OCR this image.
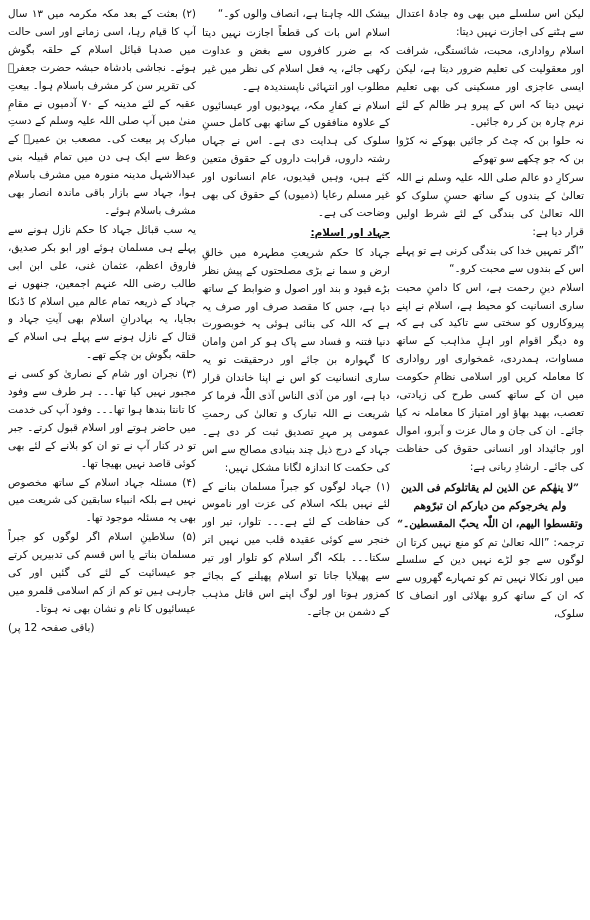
لیکن اس سلسلے میں بھی وہ جادۂ اعتدال سے ہٹنے کی اجازت نہیں دیتا:

اسلام رواداری، محبت، شائستگی، شرافت اور معقولیت کی تعلیم ضرور دیتا ہے، لیکن ایسی عاجزی اور مسکینی کی بھی تعلیم نہیں دیتا کہ اس کے پیرو ہر ظالم کے لئے نرم چارہ بن کر رہ جائیں۔

نہ حلوا بن کہ چٹ کر جائیں بھوکے نہ کڑوا بن کہ جو چکھے سو تھوکے

سرکارِ دو عالم صلی اللہ علیہ وسلم نے اللہ تعالیٰ کے بندوں کے ساتھ حسنِ سلوک کو اللہ تعالیٰ کی بندگی کے لئے شرط اولیں قرار دیا ہے:

”اگر تمہیں خدا کی بندگی کرنی ہے تو پہلے اس کے بندوں سے محبت کرو۔“

اسلام دینِ رحمت ہے، اس کا دامنِ محبت ساری انسانیت کو محیط ہے، اسلام نے اپنے پیروکاروں کو سختی سے تاکید کی ہے کہ وہ دیگر اقوام اور اہلِ مذاہب کے ساتھ مساوات، ہمدردی، غمخواری اور رواداری کا معاملہ کریں اور اسلامی نظامِ حکومت میں ان کے ساتھ کسی طرح کی زیادتی، تعصب، بھید بھاؤ اور امتیاز کا معاملہ نہ کیا جائے۔ ان کی جان و مال عزت و آبرو، اموال اور جائیداد اور انسانی حقوق کی حفاظت کی جائے۔ ارشادِ ربانی ہے:

”لا ینھٰکم عن الذین لم یقاتلوکم فی الدین ولم یخرجوکم من دیارکم ان تبرّوھم وتقسطوا الیھم، ان اللّٰہ یحبّ المقسطین۔“

ترجمہ: ”اللہ تعالیٰ تم کو منع نہیں کرتا ان لوگوں سے جو لڑے نہیں دین کے سلسلے میں اور نکالا نہیں تم کو تمہارے گھروں سے کہ ان کے ساتھ کرو بھلائی اور انصاف کا سلوک،

بیشک اللہ چاہتا ہے، انصاف والوں کو۔“

اسلام اس بات کی قطعاً اجازت نہیں دیتا کہ بے ضرر کافروں سے بغض و عداوت رکھی جائے، یہ فعل اسلام کی نظر میں غیر مطلوب اور انتہائی ناپسندیدہ ہے۔

اسلام نے کفارِ مکہ، یہودیوں اور عیسائیوں کے علاوہ منافقوں کے ساتھ بھی کامل حسنِ سلوک کی ہدایت دی ہے۔ اس نے جہاں رشتہ داروں، قرابت داروں کے حقوق متعین کئے ہیں، وہیں قیدیوں، عام انسانوں اور غیر مسلم رعایا (ذمیوں) کے حقوق کی بھی وضاحت کی ہے۔

جہاد اور اسلام:

جہاد کا حکم شریعتِ مطہرہ میں خالقِ ارض و سما نے بڑی مصلحتوں کے پیش نظر بڑے قیود و بند اور اصول و ضوابط کے ساتھ دیا ہے، جس کا مقصد صرف اور صرف یہ ہے کہ اللہ کی بنائی ہوئی یہ خوبصورت دنیا فتنہ و فساد سے پاک ہو کر امن وامان کا گہوارہ بن جائے اور درحقیقت تو یہ ساری انسانیت کو اس نے اپنا خاندان قرار دیا ہے، اور من آذی الناس آذی اللّٰہ فرما کر شریعت نے اللہ تبارک و تعالیٰ کی رحمتِ عمومی پر مہرِ تصدیق ثبت کر دی ہے۔ جہاد کے درج ذیل چند بنیادی مصالح سے اس کی حکمت کا اندازہ لگانا مشکل نہیں:

(۱) جہاد لوگوں کو جبراً مسلمان بنانے کے لئے نہیں بلکہ اسلام کی عزت اور ناموس کی حفاظت کے لئے ہے۔۔۔ تلوار، تیر اور خنجر سے کوئی عقیدہ قلب میں نہیں اتر سکتا۔۔۔ بلکہ اگر اسلام کو تلوار اور تیر سے پھیلایا جاتا تو اسلام پھیلنے کے بجائے کمزور ہوتا اور لوگ اپنے اس قاتل مذہب کے دشمن بن جاتے۔

(۲) بعثت کے بعد مکہ مکرمہ میں ۱۳ سال آپ کا قیام رہا، اسی زمانے اور اسی حالت میں صدہا قبائل اسلام کے حلقہ بگوش ہوئے۔ نجاشی بادشاہ حبشہ حضرت جعفرؓ کی تقریر سن کر مشرف باسلام ہوا۔ بیعتِ عقبہ کے لئے مدینہ کے ۷۰ آدمیوں نے مقامِ منیٰ میں آپ صلی اللہ علیہ وسلم کے دستِ مبارک پر بیعت کی۔ مصعب بن عمیرؓ کے وعظ سے ایک ہی دن میں تمام قبیلہ بنی عبدالاشہل مدینہ منورہ میں مشرف باسلام ہوا، جہاد سے بازار باقی ماندہ انصار بھی مشرف باسلام ہوئے۔

یہ سب قبائل جہاد کا حکم نازل ہونے سے پہلے ہی مسلمان ہوئے اور ابو بکر صدیق، فاروق اعظم، عثمان غنی، علی ابن ابی طالب رضی اللہ عنہم اجمعین، جنھوں نے جہاد کے ذریعہ تمام عالم میں اسلام کا ڈنکا بجایا، یہ بہادرانِ اسلام بھی آیتِ جہاد و قتال کے نازل ہونے سے پہلے ہی اسلام کے حلقہ بگوش بن چکے تھے۔

(۳) نجران اور شام کے نصاریٰ کو کسی نے مجبور نہیں کیا تھا۔۔۔ ہر طرف سے وفود کا تانتا بندھا ہوا تھا۔۔۔ وفود آپ کی خدمت میں حاضر ہوتے اور اسلام قبول کرتے۔ جبر تو در کنار آپ نے تو ان کو بلانے کے لئے بھی کوئی قاصد نہیں بھیجا تھا۔

(۴) مسئلہ جہاد اسلام کے ساتھ مخصوص نہیں ہے بلکہ انبیاء سابقین کی شریعت میں بھی یہ مسئلہ موجود تھا۔

(۵) سلاطینِ اسلام اگر لوگوں کو جبراً مسلمان بناتے یا اس قسم کی تدبیریں کرتے جو عیسائیت کے لئے کی گئیں اور کی جارہی ہیں تو کم از کم اسلامی قلمرو میں عیسائیوں کا نام و نشان بھی نہ ہوتا۔

(باقی صفحہ 12 پر)
